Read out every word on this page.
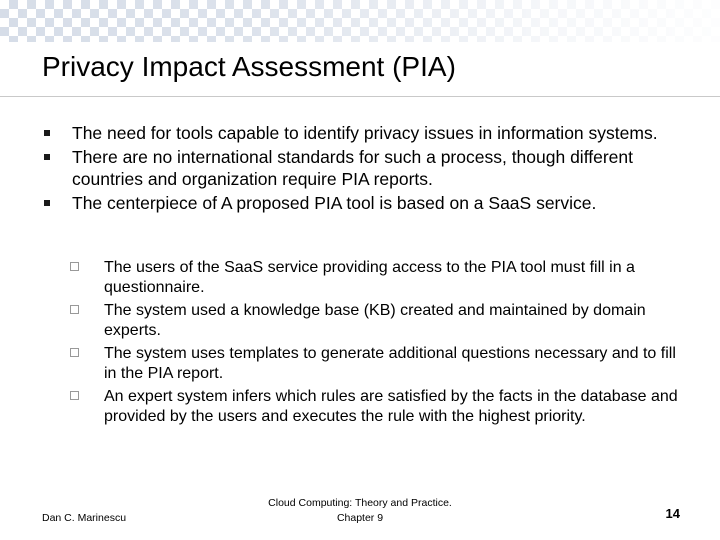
Privacy Impact Assessment (PIA)
The need for tools capable to identify privacy issues in information systems.
There are no international standards for such a process, though different countries and organization require PIA reports.
The centerpiece of A proposed PIA tool is based on a SaaS service.
The users of the SaaS service providing access to the PIA tool must fill in a questionnaire.
The system used a knowledge base (KB) created and maintained by domain experts.
The system uses templates to generate additional questions necessary and to fill in the PIA report.
An expert system infers which rules are satisfied by the facts in the database and provided by the users and executes the rule with the highest priority.
Dan C. Marinescu
Cloud Computing: Theory and Practice.
Chapter 9	14
